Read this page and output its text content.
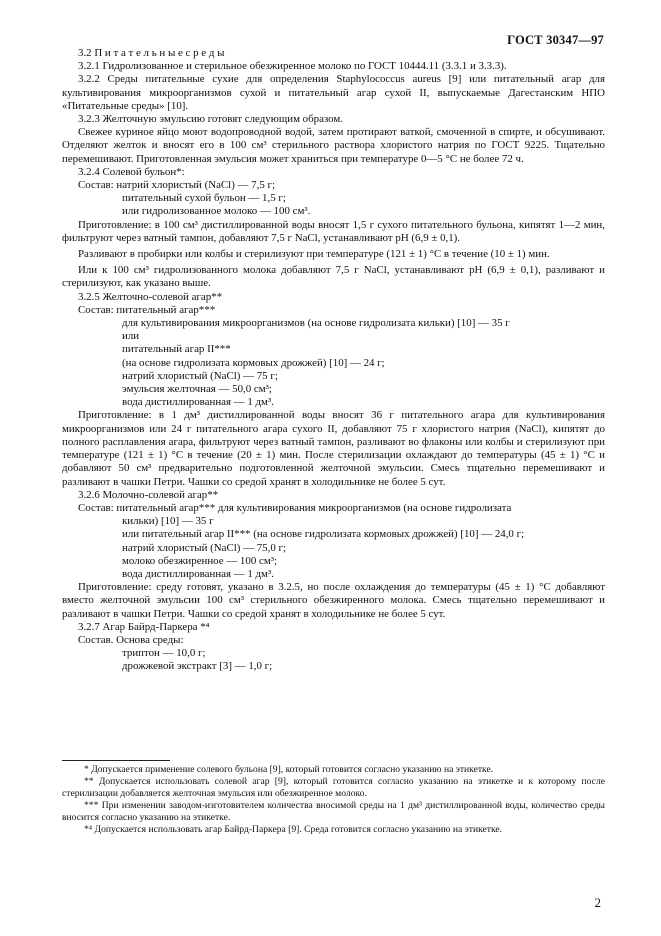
ГОСТ 30347—97

3.2 П и т а т е л ь н ы е с р е д ы

3.2.1 Гидролизованное и стерильное обезжиренное молоко по ГОСТ 10444.11 (3.3.1 и 3.3.3).

3.2.2 Среды питательные сухие для определения Staphylococcus aureus [9] или питательный агар для культивирования микроорганизмов сухой и питательный агар сухой II, выпускаемые Дагестанским НПО «Питательные среды» [10].

3.2.3 Желточную эмульсию готовят следующим образом.

Свежее куриное яйцо моют водопроводной водой, затем протирают ваткой, смоченной в спирте, и обсушивают. Отделяют желток и вносят его в 100 см³ стерильного раствора хлористого натрия по ГОСТ 9225. Тщательно перемешивают. Приготовленная эмульсия может храниться при температуре 0—5 °С не более 72 ч.

3.2.4 Солевой бульон*:

Состав: натрий хлористый (NaCl) — 7,5 г;

питательный сухой бульон — 1,5 г;

или гидролизованное молоко — 100 см³.

Приготовление: в 100 см³ дистиллированной воды вносят 1,5 г сухого питательного бульона, кипятят 1—2 мин, фильтруют через ватный тампон, добавляют 7,5 г NaCl, устанавливают рН (6,9 ± 0,1).

Разливают в пробирки или колбы и стерилизуют при температуре (121 ± 1) °С в течение (10 ± 1) мин.

Или к 100 см³ гидролизованного молока добавляют 7,5 г NaCl, устанавливают рН (6,9 ± 0,1), разливают и стерилизуют, как указано выше.

3.2.5 Желточно-солевой агар**

Состав: питательный агар***

для культивирования микроорганизмов (на основе гидролизата кильки) [10] — 35 г

или

питательный агар II***

(на основе гидролизата кормовых дрожжей) [10] — 24 г;

натрий хлористый (NaCl) — 75 г;

эмульсия желточная — 50,0 см³;

вода дистиллированная — 1 дм³.

Приготовление: в 1 дм³ дистиллированной воды вносят 36 г питательного агара для культивирования микроорганизмов или 24 г питательного агара сухого II, добавляют 75 г хлористого натрия (NaCl), кипятят до полного расплавления агара, фильтруют через ватный тампон, разливают во флаконы или колбы и стерилизуют при температуре (121 ± 1) °С в течение (20 ± 1) мин. После стерилизации охлаждают до температуры (45 ± 1) °С и добавляют 50 см³ предварительно подготовленной желточной эмульсии. Смесь тщательно перемешивают и разливают в чашки Петри. Чашки со средой хранят в холодильнике не более 5 сут.

3.2.6 Молочно-солевой агар**

Состав: питательный агар*** для культивирования микроорганизмов (на основе гидролизата

кильки) [10] — 35 г

или питательный агар II*** (на основе гидролизата кормовых дрожжей) [10] — 24,0 г;

натрий хлористый (NaCl) — 75,0 г;

молоко обезжиренное — 100 см³;

вода дистиллированная — 1 дм³.

Приготовление: среду готовят, указано в 3.2.5, но после охлаждения до температуры (45 ± 1) °С добавляют вместо желточной эмульсии 100 см³ стерильного обезжиренного молока. Смесь тщательно перемешивают и разливают в чашки Петри. Чашки со средой хранят в холодильнике не более 5 сут.

3.2.7 Агар Байрд-Паркера *⁴

Состав. Основа среды:

триптон — 10,0 г;

дрожжевой экстракт [3] — 1,0 г;

* Допускается применение солевого бульона [9], который готовится согласно указанию на этикетке.

** Допускается использовать солевой агар [9], который готовится согласно указанию на этикетке и к которому после стерилизации добавляется желточная эмульсия или обезжиренное молоко.

*** При изменении заводом-изготовителем количества вносимой среды на 1 дм³ дистиллированной воды, количество среды вносится согласно указанию на этикетке.

*⁴ Допускается использовать агар Байрд-Паркера [9]. Среда готовится согласно указанию на этикетке.

2
